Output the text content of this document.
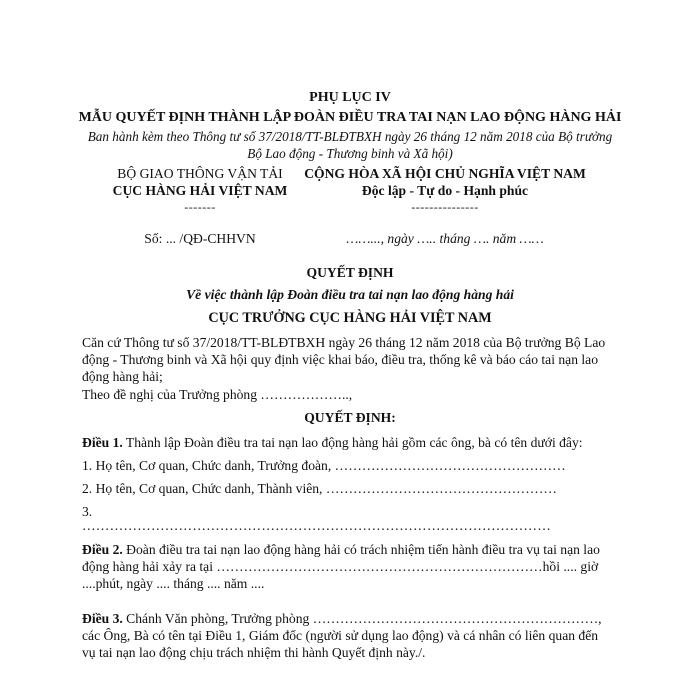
PHỤ LỤC IV
MẪU QUYẾT ĐỊNH THÀNH LẬP ĐOÀN ĐIỀU TRA TAI NẠN LAO ĐỘNG HÀNG HẢI
Ban hành kèm theo Thông tư số 37/2018/TT-BLĐTBXH ngày 26 tháng 12 năm 2018 của Bộ trưởng Bộ Lao động - Thương binh và Xã hội)
BỘ GIAO THÔNG VẬN TẢI
CỤC HÀNG HẢI VIỆT NAM
-------
Số: ... /QĐ-CHHVN
CỘNG HÒA XÃ HỘI CHỦ NGHĨA VIỆT NAM
Độc lập - Tự do - Hạnh phúc
---------------
……..., ngày ….. tháng …. năm ……
QUYẾT ĐỊNH
Về việc thành lập Đoàn điều tra tai nạn lao động hàng hải
CỤC TRƯỞNG CỤC HÀNG HẢI VIỆT NAM
Căn cứ Thông tư số 37/2018/TT-BLĐTBXH ngày 26 tháng 12 năm 2018 của Bộ trưởng Bộ Lao động - Thương binh và Xã hội quy định việc khai báo, điều tra, thống kê và báo cáo tai nạn lao động hàng hải;
Theo đề nghị của Trưởng phòng ………………..,
QUYẾT ĐỊNH:
Điều 1. Thành lập Đoàn điều tra tai nạn lao động hàng hải gồm các ông, bà có tên dưới đây:
1. Họ tên, Cơ quan, Chức danh, Trưởng đoàn, ……………………………………………
2. Họ tên, Cơ quan, Chức danh, Thành viên, ……………………………………………
3.
…………………………………………………………………………………………
Điều 2. Đoàn điều tra tai nạn lao động hàng hải có trách nhiệm tiến hành điều tra vụ tai nạn lao động hàng hải xảy ra tại ………………………………………………………………hồi .... giờ ....phút, ngày .... tháng .... năm ....
Điều 3. Chánh Văn phòng, Trưởng phòng ………………………………………………………, các Ông, Bà có tên tại Điều 1, Giám đốc (người sử dụng lao động) và cá nhân có liên quan đến vụ tai nạn lao động chịu trách nhiệm thi hành Quyết định này./.
